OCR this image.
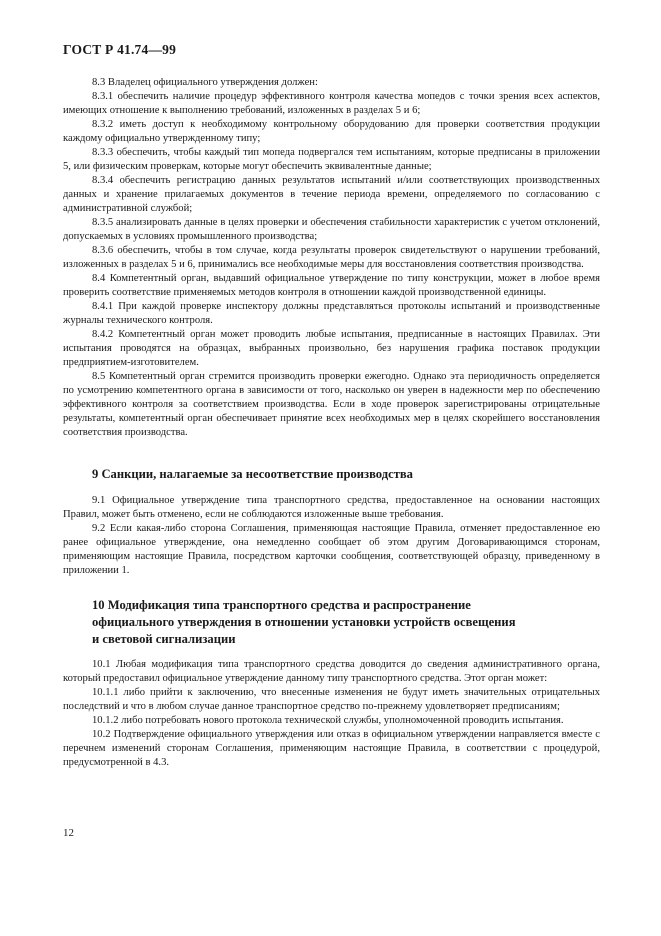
ГОСТ Р 41.74—99

8.3 Владелец официального утверждения должен:

8.3.1 обеспечить наличие процедур эффективного контроля качества мопедов с точки зрения всех аспектов, имеющих отношение к выполнению требований, изложенных в разделах 5 и 6;

8.3.2 иметь доступ к необходимому контрольному оборудованию для проверки соответствия продукции каждому официально утвержденному типу;

8.3.3 обеспечить, чтобы каждый тип мопеда подвергался тем испытаниям, которые предписаны в приложении 5, или физическим проверкам, которые могут обеспечить эквивалентные данные;

8.3.4 обеспечить регистрацию данных результатов испытаний и/или соответствующих производственных данных и хранение прилагаемых документов в течение периода времени, определяемого по согласованию с административной службой;

8.3.5 анализировать данные в целях проверки и обеспечения стабильности характеристик с учетом отклонений, допускаемых в условиях промышленного производства;

8.3.6 обеспечить, чтобы в том случае, когда результаты проверок свидетельствуют о нарушении требований, изложенных в разделах 5 и 6, принимались все необходимые меры для восстановления соответствия производства.

8.4 Компетентный орган, выдавший официальное утверждение по типу конструкции, может в любое время проверить соответствие применяемых методов контроля в отношении каждой производственной единицы.

8.4.1 При каждой проверке инспектору должны представляться протоколы испытаний и производственные журналы технического контроля.

8.4.2 Компетентный орган может проводить любые испытания, предписанные в настоящих Правилах. Эти испытания проводятся на образцах, выбранных произвольно, без нарушения графика поставок продукции предприятием-изготовителем.

8.5 Компетентный орган стремится производить проверки ежегодно. Однако эта периодичность определяется по усмотрению компетентного органа в зависимости от того, насколько он уверен в надежности мер по обеспечению эффективного контроля за соответствием производства. Если в ходе проверок зарегистрированы отрицательные результаты, компетентный орган обеспечивает принятие всех необходимых мер в целях скорейшего восстановления соответствия производства.

9 Санкции, налагаемые за несоответствие производства

9.1 Официальное утверждение типа транспортного средства, предоставленное на основании настоящих Правил, может быть отменено, если не соблюдаются изложенные выше требования.

9.2 Если какая-либо сторона Соглашения, применяющая настоящие Правила, отменяет предоставленное ею ранее официальное утверждение, она немедленно сообщает об этом другим Договаривающимся сторонам, применяющим настоящие Правила, посредством карточки сообщения, соответствующей образцу, приведенному в приложении 1.

10 Модификация типа транспортного средства и распространение
официального утверждения в отношении установки устройств освещения
и световой сигнализации

10.1 Любая модификация типа транспортного средства доводится до сведения административного органа, который предоставил официальное утверждение данному типу транспортного средства. Этот орган может:

10.1.1 либо прийти к заключению, что внесенные изменения не будут иметь значительных отрицательных последствий и что в любом случае данное транспортное средство по-прежнему удовлетворяет предписаниям;

10.1.2 либо потребовать нового протокола технической службы, уполномоченной проводить испытания.

10.2 Подтверждение официального утверждения или отказ в официальном утверждении направляется вместе с перечнем изменений сторонам Соглашения, применяющим настоящие Правила, в соответствии с процедурой, предусмотренной в 4.3.

12
